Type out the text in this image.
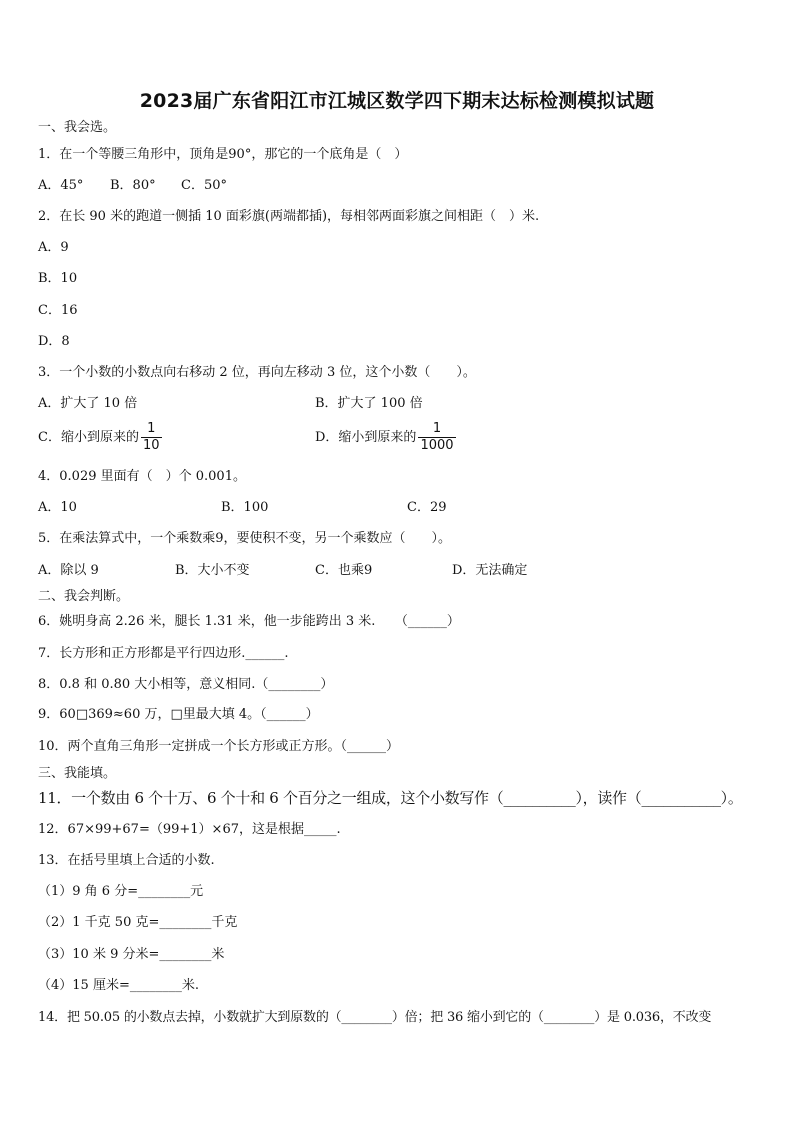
2023届广东省阳江市江城区数学四下期末达标检测模拟试题
一、我会选。
1．在一个等腰三角形中，顶角是90°，那它的一个底角是（　）
A．45° B．80° C．50°
2．在长 90 米的跑道一侧插 10 面彩旗(两端都插)，每相邻两面彩旗之间相距（　）米.
A．9
B．10
C．16
D．8
3．一个小数的小数点向右移动 2 位，再向左移动 3 位，这个小数（　　）。
A．扩大了 10 倍	B．扩大了 100 倍
C．缩小到原来的 $\frac{1}{10}$	D．缩小到原来的 $\frac{1}{1000}$
4．0.029 里面有（　）个 0.001。
A．10	B．100	C．29
5．在乘法算式中，一个乘数乘9，要使积不变，另一个乘数应（　　）。
A．除以 9	B．大小不变	C．也乘9	D．无法确定
二、我会判断。
6．姚明身高 2.26 米，腿长 1.31 米，他一步能跨出 3 米.　　（______）
7．长方形和正方形都是平行四边形.______.
8．0.8 和 0.80 大小相等，意义相同.（________）
9．60□369≈60 万，□里最大填 4。（______）
10．两个直角三角形一定拼成一个长方形或正方形。（______）
三、我能填。
11．一个数由 6 个十万、6 个十和 6 个百分之一组成，这个小数写作（__________），读作（___________）。
12．67×99+67=（99+1）×67，这是根据_____.
13．在括号里填上合适的小数.
（1）9 角 6 分=________元
（2）1 千克 50 克=________千克
（3）10 米 9 分米=________米
（4）15 厘米=________米.
14．把 50.05 的小数点去掉，小数就扩大到原数的（________）倍；把 36 缩小到它的（________）是 0.036，不改变
